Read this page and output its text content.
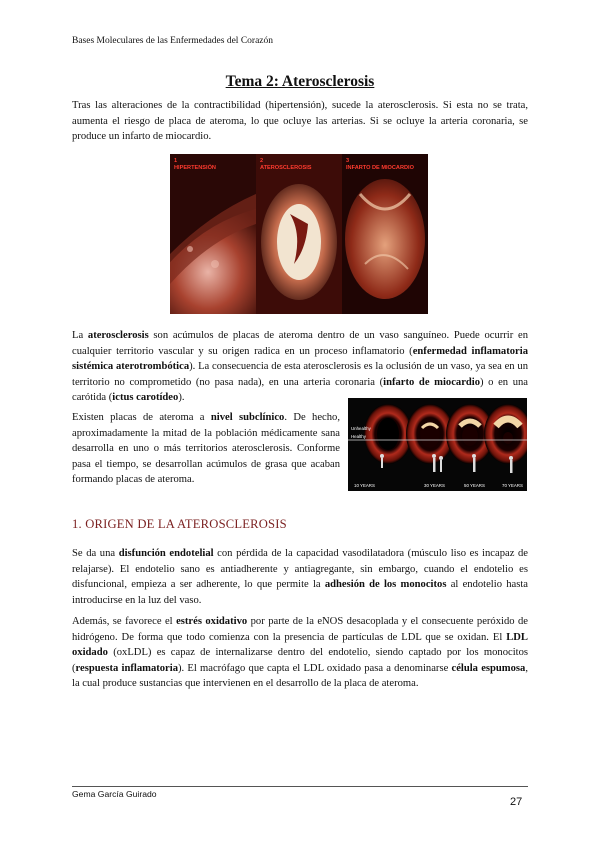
Bases Moleculares de las Enfermedades del Corazón
Tema 2: Aterosclerosis

Tras las alteraciones de la contractibilidad (hipertensión), sucede la aterosclerosis. Si esta no se trata, aumenta el riesgo de placa de ateroma, lo que ocluye las arterias. Si se ocluye la arteria coronaria, se produce un infarto de miocardio.

1
HIPERTENSIÓN
2
ATEROSCLEROSIS
3
INFARTO DE MIOCARDIO

La aterosclerosis son acúmulos de placas de ateroma dentro de un vaso sanguíneo. Puede ocurrir en cualquier territorio vascular y su origen radica en un proceso inflamatorio (enfermedad inflamatoria sistémica aterotrombótica). La consecuencia de esta aterosclerosis es la oclusión de un vaso, ya sea en un territorio no comprometido (no pasa nada), en una arteria coronaria (infarto de miocardio) o en una carótida (ictus carotídeo).

Existen placas de ateroma a nivel subclínico. De hecho, aproximadamente la mitad de la población médicamente sana desarrolla en uno o más territorios aterosclerosis. Conforme pasa el tiempo, se desarrollan acúmulos de grasa que acaban formando placas de ateroma.

Unhealthy
Healthy
10 YEARS	30 YEARS	50 YEARS	70 YEARS
1. ORIGEN DE LA ATEROSCLEROSIS

Se da una disfunción endotelial con pérdida de la capacidad vasodilatadora (músculo liso es incapaz de relajarse). El endotelio sano es antiadherente y antiagregante, sin embargo, cuando el endotelio es disfuncional, empieza a ser adherente, lo que permite la adhesión de los monocitos al endotelio hasta introducirse en la luz del vaso.

Además, se favorece el estrés oxidativo por parte de la eNOS desacoplada y el consecuente peróxido de hidrógeno. De forma que todo comienza con la presencia de partículas de LDL que se oxidan. El LDL oxidado (oxLDL) es capaz de internalizarse dentro del endotelio, siendo captado por los monocitos (respuesta inflamatoria). El macrófago que capta el LDL oxidado pasa a denominarse célula espumosa, la cual produce sustancias que intervienen en el desarrollo de la placa de ateroma.

Gema García Guirado
27
